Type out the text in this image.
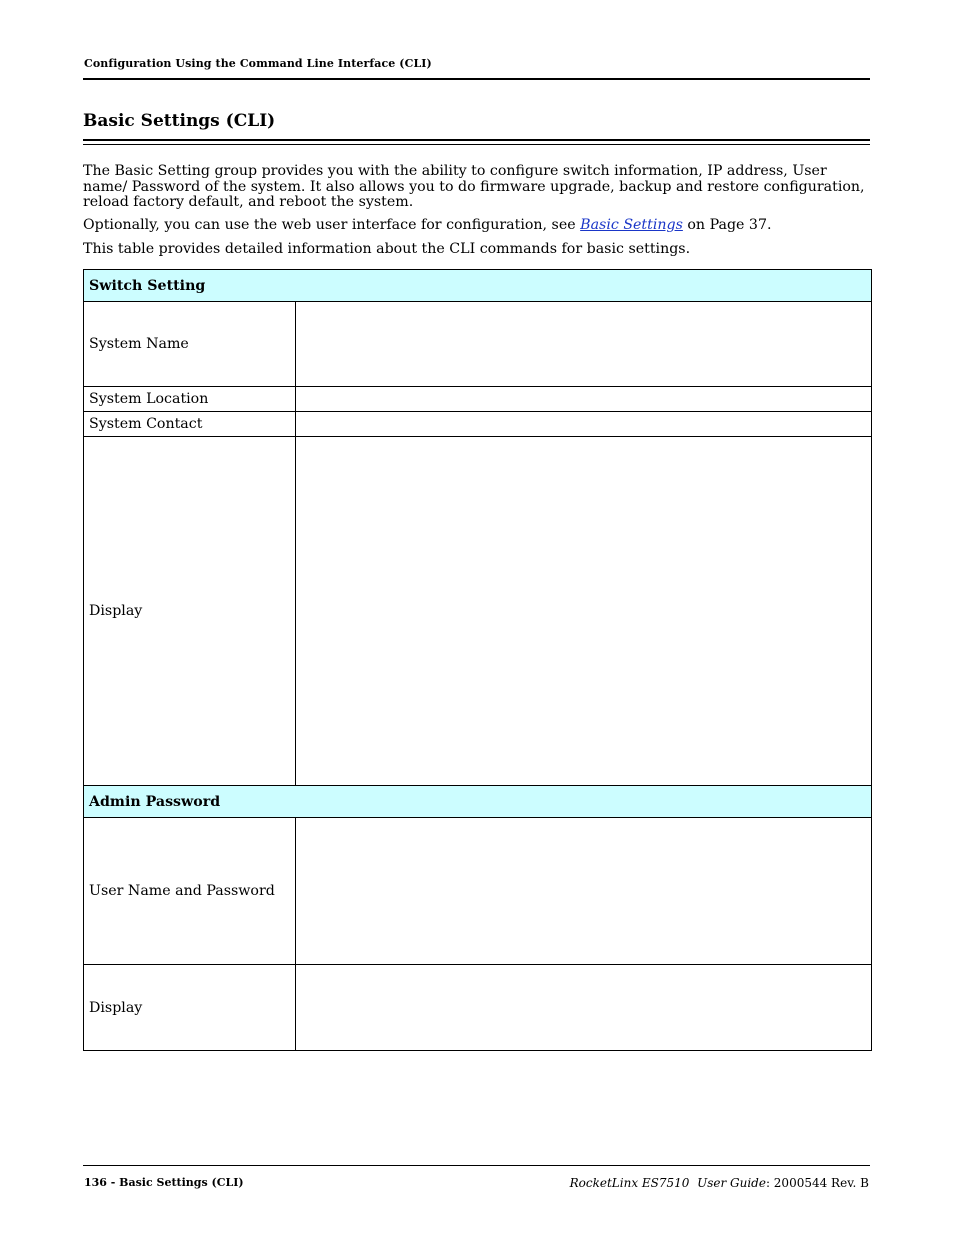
Configuration Using the Command Line Interface (CLI)
Basic Settings (CLI)

The Basic Setting group provides you with the ability to configure switch information, IP address, User name/ Password of the system. It also allows you to do firmware upgrade, backup and restore configuration, reload factory default, and reboot the system.

Optionally, you can use the web user interface for configuration, see Basic Settings on Page 37.

This table provides detailed information about the CLI commands for basic settings.

Switch Setting	
System Name	
System Location	
System Contact	
Display	
Admin Password	
User Name and Password	
Display	
136 - Basic Settings (CLI)	RocketLinx ES7510 User Guide: 2000544 Rev. B
